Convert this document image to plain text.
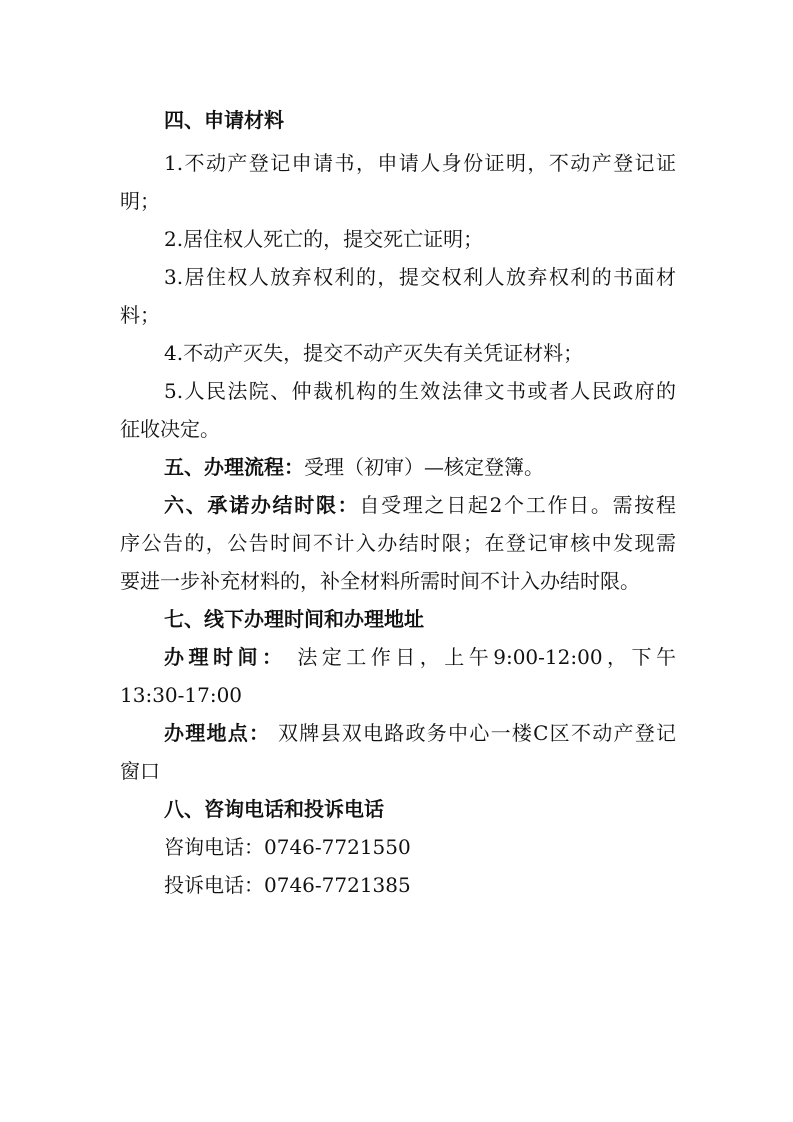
四、申请材料
1.不动产登记申请书，申请人身份证明，不动产登记证
明；
2.居住权人死亡的，提交死亡证明；
3.居住权人放弃权利的，提交权利人放弃权利的书面材
料；
4.不动产灭失，提交不动产灭失有关凭证材料；
5.人民法院、仲裁机构的生效法律文书或者人民政府的
征收决定。
五、办理流程：受理（初审）—核定登簿。
六、承诺办结时限：自受理之日起2个工作日。需按程
序公告的，公告时间不计入办结时限；在登记审核中发现需
要进一步补充材料的，补全材料所需时间不计入办结时限。
七、线下办理时间和办理地址
办理时间： 法定工作日，上午9:00-12:00，下午
13:30-17:00
办理地点： 双牌县双电路政务中心一楼C区不动产登记
窗口
八、咨询电话和投诉电话
咨询电话：0746-7721550
投诉电话：0746-7721385
